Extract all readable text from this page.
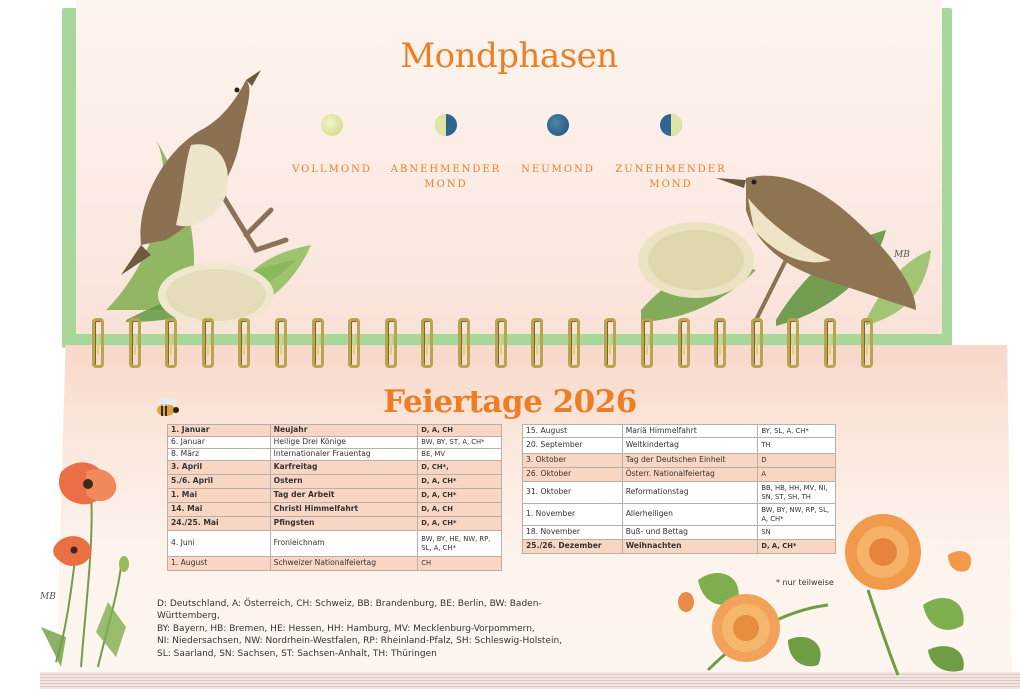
Mondphasen
VOLLMOND	ABNEHMENDER
MOND
NEUMOND	ZUNEHMENDER
MOND
MB
Feiertage 2026
1. Januar	Neujahr	D, A, CH
6. Januar	Heilige Drei Könige	BW, BY, ST, A, CH*
8. März	Internationaler Frauentag	BE, MV
3. April	Karfreitag	D, CH*,
5./6. April	Ostern	D, A, CH*
1. Mai	Tag der Arbeit	D, A, CH*
14. Mai	Christi Himmelfahrt	D, A, CH
24./25. Mai	Pfingsten	D, A, CH*
4. Juni	Fronleichnam	BW, BY, HE, NW, RP, SL, A, CH*
1. August	Schweizer Nationalfeiertag	CH
15. August	Mariä Himmelfahrt	BY, SL, A, CH*
20. September	Weltkindertag	TH
3. Oktober	Tag der Deutschen Einheit	D
26. Oktober	Österr. Nationalfeiertag	A
31. Oktober	Reformationstag	BB, HB, HH, MV, NI, SN, ST, SH, TH
1. November	Allerheiligen	BW, BY, NW, RP, SL, A, CH*
18. November	Buß- und Bettag	SN
25./26. Dezember	Weihnachten	D, A, CH*
* nur teilweise
D: Deutschland, A: Österreich, CH: Schweiz, BB: Brandenburg, BE: Berlin, BW: Baden-Württemberg,
BY: Bayern, HB: Bremen, HE: Hessen, HH: Hamburg, MV: Mecklenburg-Vorpommern,
NI: Niedersachsen, NW: Nordrhein-Westfalen, RP: Rheinland-Pfalz, SH: Schleswig-Holstein,
SL: Saarland, SN: Sachsen, ST: Sachsen-Anhalt, TH: Thüringen
MB
